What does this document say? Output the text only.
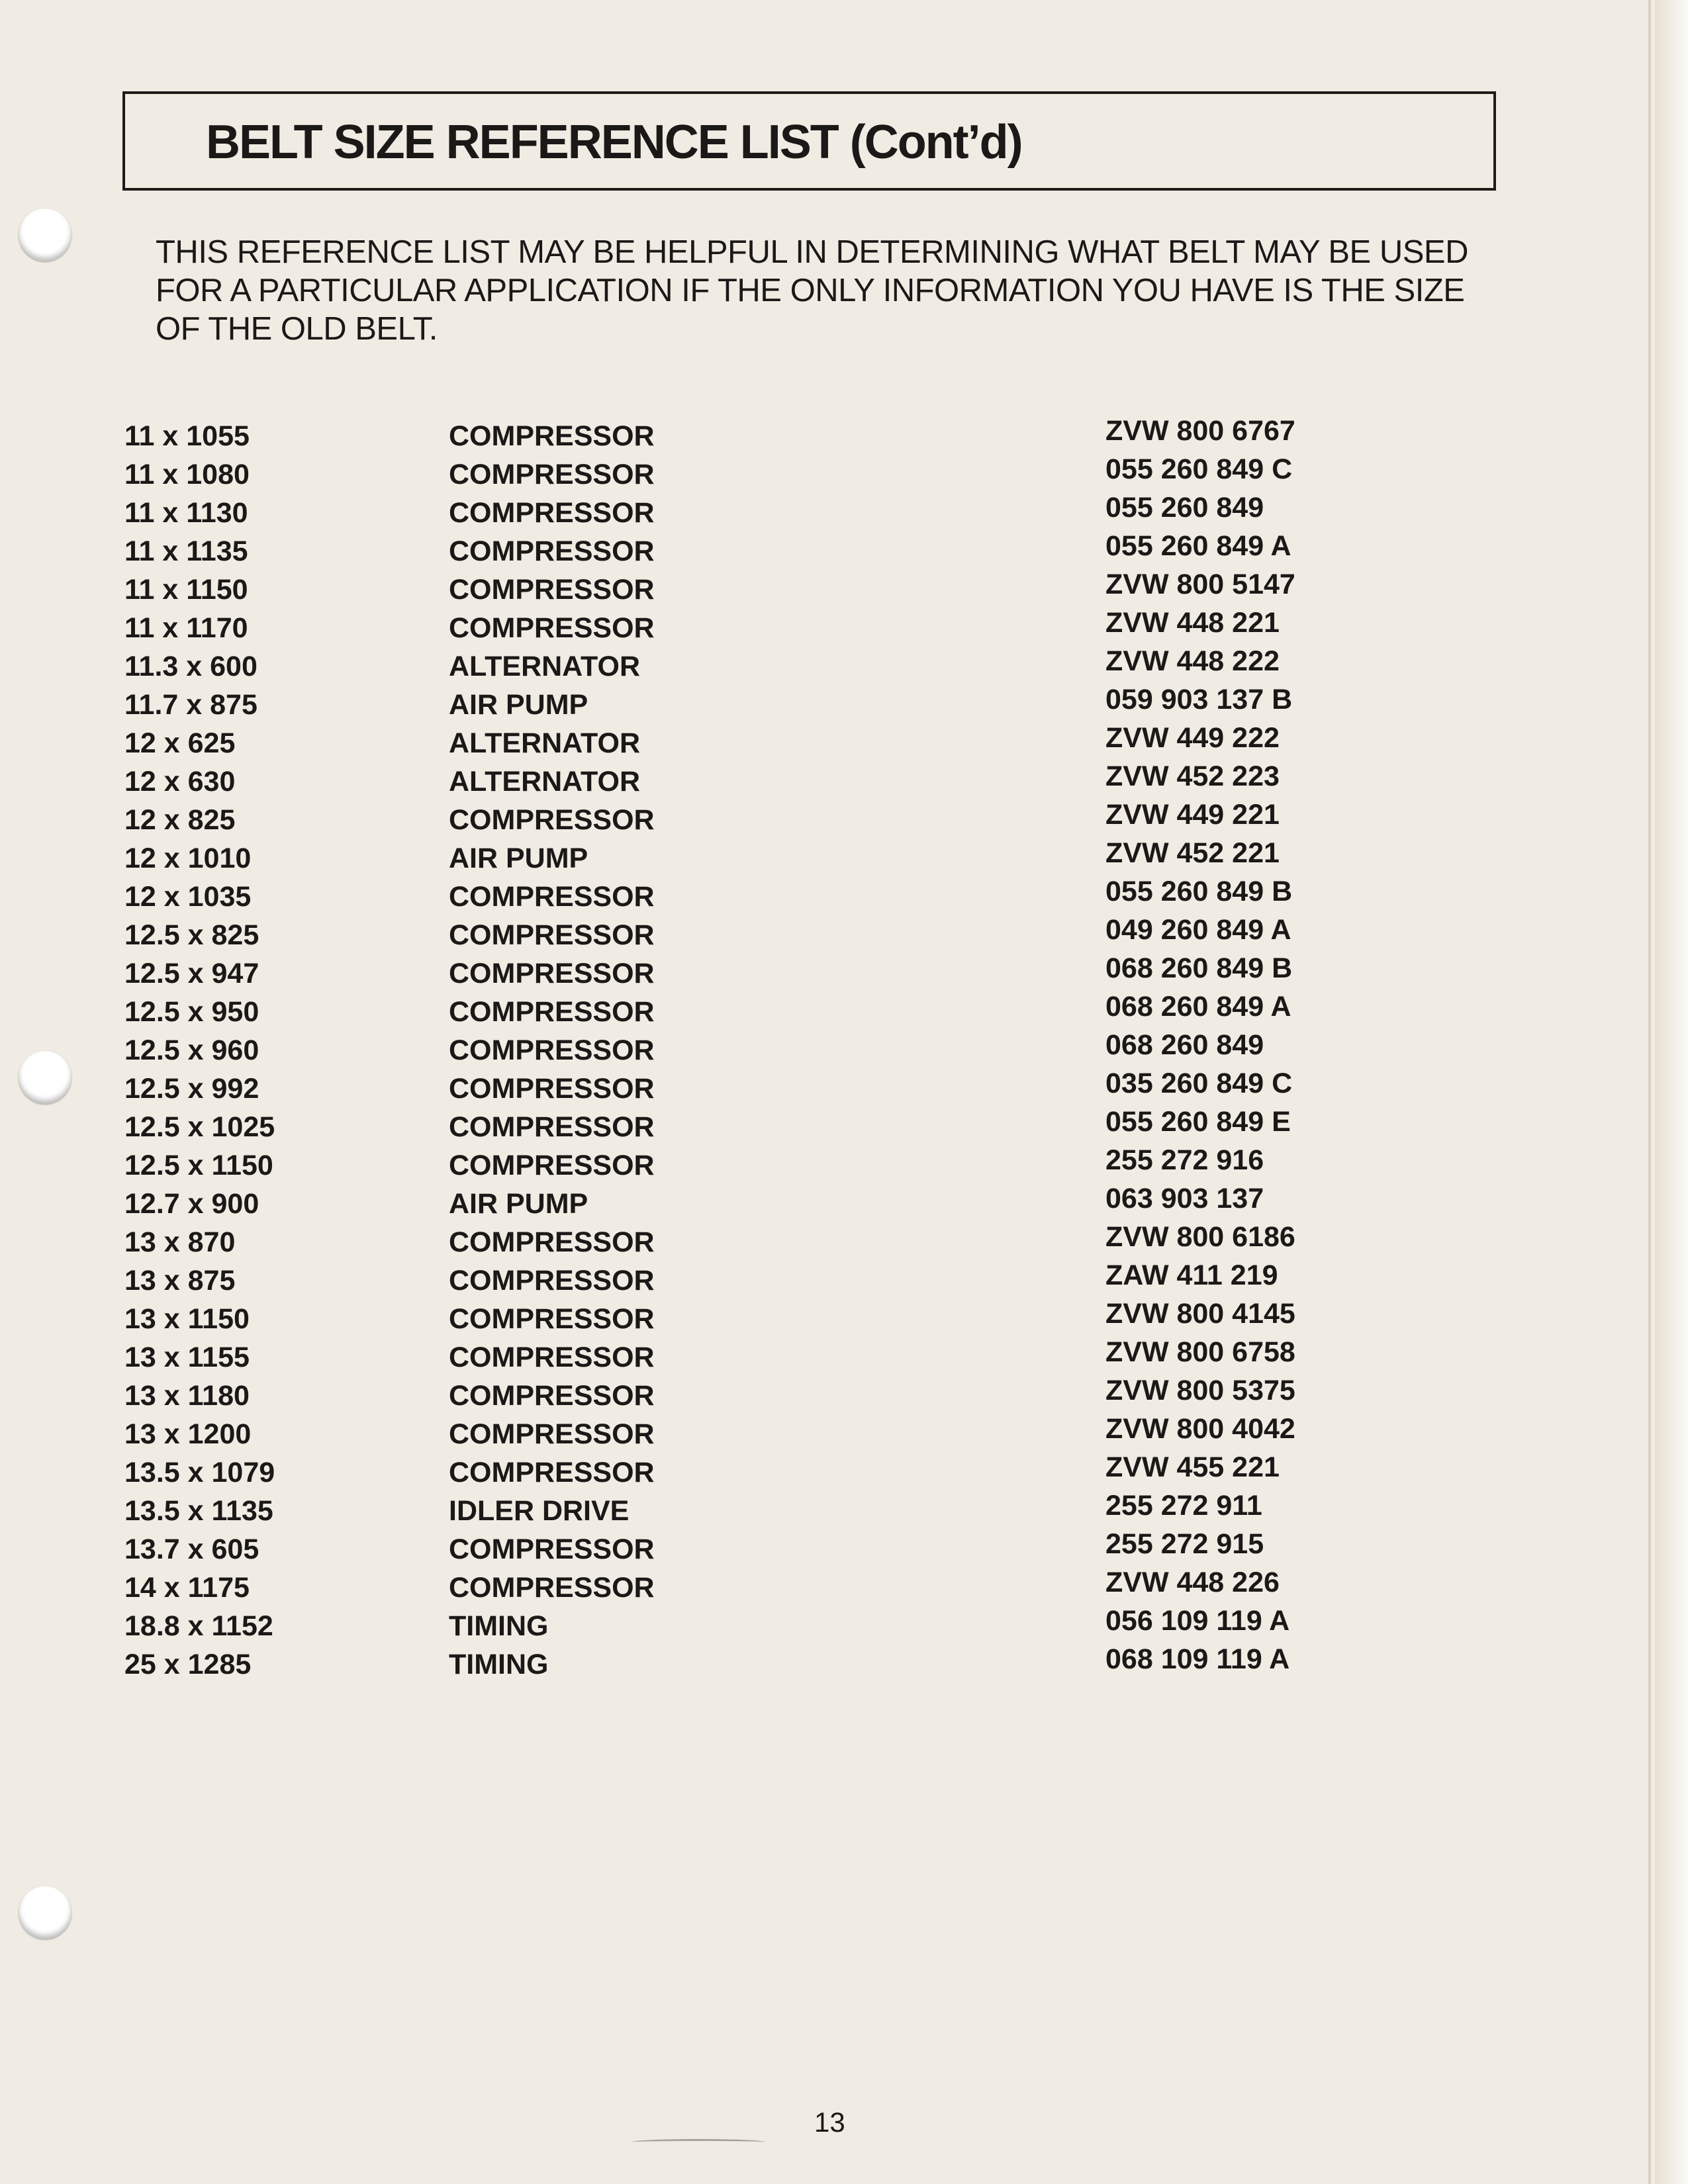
BELT SIZE REFERENCE LIST (Cont’d)
THIS REFERENCE LIST MAY BE HELPFUL IN DETERMINING WHAT BELT MAY BE USED
FOR A PARTICULAR APPLICATION IF THE ONLY INFORMATION YOU HAVE IS THE SIZE
OF THE OLD BELT.
11 x 1055	COMPRESSOR	ZVW 800 6767
11 x 1080	COMPRESSOR	055 260 849 C
11 x 1130	COMPRESSOR	055 260 849
11 x 1135	COMPRESSOR	055 260 849 A
11 x 1150	COMPRESSOR	ZVW 800 5147
11 x 1170	COMPRESSOR	ZVW 448 221
11.3 x 600	ALTERNATOR	ZVW 448 222
11.7 x 875	AIR PUMP	059 903 137 B
12 x 625	ALTERNATOR	ZVW 449 222
12 x 630	ALTERNATOR	ZVW 452 223
12 x 825	COMPRESSOR	ZVW 449 221
12 x 1010	AIR PUMP	ZVW 452 221
12 x 1035	COMPRESSOR	055 260 849 B
12.5 x 825	COMPRESSOR	049 260 849 A
12.5 x 947	COMPRESSOR	068 260 849 B
12.5 x 950	COMPRESSOR	068 260 849 A
12.5 x 960	COMPRESSOR	068 260 849
12.5 x 992	COMPRESSOR	035 260 849 C
12.5 x 1025	COMPRESSOR	055 260 849 E
12.5 x 1150	COMPRESSOR	255 272 916
12.7 x 900	AIR PUMP	063 903 137
13 x 870	COMPRESSOR	ZVW 800 6186
13 x 875	COMPRESSOR	ZAW 411 219
13 x 1150	COMPRESSOR	ZVW 800 4145
13 x 1155	COMPRESSOR	ZVW 800 6758
13 x 1180	COMPRESSOR	ZVW 800 5375
13 x 1200	COMPRESSOR	ZVW 800 4042
13.5 x 1079	COMPRESSOR	ZVW 455 221
13.5 x 1135	IDLER DRIVE	255 272 911
13.7 x 605	COMPRESSOR	255 272 915
14 x 1175	COMPRESSOR	ZVW 448 226
18.8 x 1152	TIMING	056 109 119 A
25 x 1285	TIMING	068 109 119 A
13
